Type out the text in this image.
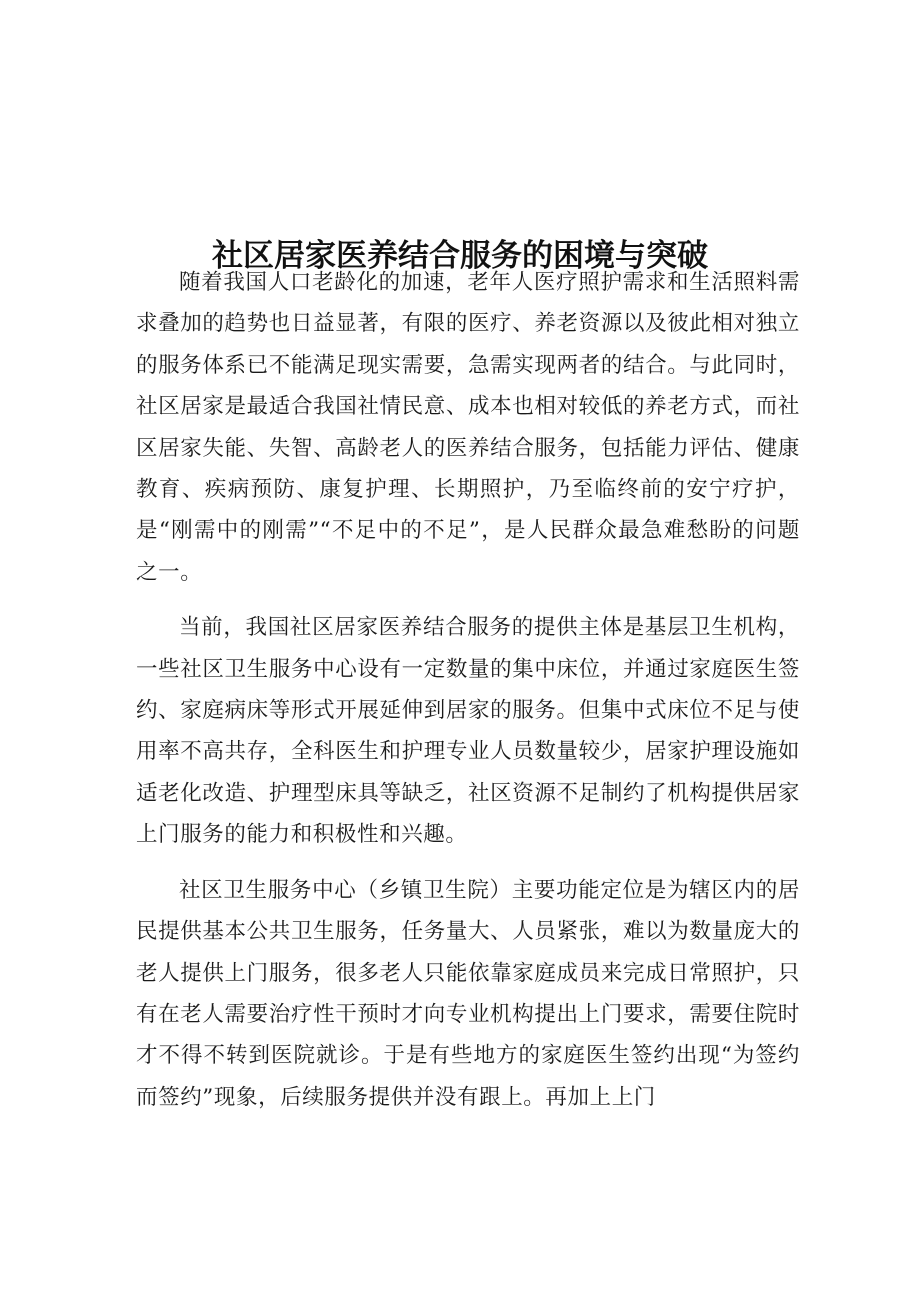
社区居家医养结合服务的困境与突破

随着我国人口老龄化的加速，老年人医疗照护需求和生活照料需求叠加的趋势也日益显著，有限的医疗、养老资源以及彼此相对独立的服务体系已不能满足现实需要，急需实现两者的结合。与此同时，社区居家是最适合我国社情民意、成本也相对较低的养老方式，而社区居家失能、失智、高龄老人的医养结合服务，包括能力评估、健康教育、疾病预防、康复护理、长期照护，乃至临终前的安宁疗护，是“刚需中的刚需”“不足中的不足”，是人民群众最急难愁盼的问题之一。

当前，我国社区居家医养结合服务的提供主体是基层卫生机构，一些社区卫生服务中心设有一定数量的集中床位，并通过家庭医生签约、家庭病床等形式开展延伸到居家的服务。但集中式床位不足与使用率不高共存，全科医生和护理专业人员数量较少，居家护理设施如适老化改造、护理型床具等缺乏，社区资源不足制约了机构提供居家上门服务的能力和积极性和兴趣。

社区卫生服务中心（乡镇卫生院）主要功能定位是为辖区内的居民提供基本公共卫生服务，任务量大、人员紧张，难以为数量庞大的老人提供上门服务，很多老人只能依靠家庭成员来完成日常照护，只有在老人需要治疗性干预时才向专业机构提出上门要求，需要住院时才不得不转到医院就诊。于是有些地方的家庭医生签约出现“为签约而签约”现象，后续服务提供并没有跟上。再加上上门
